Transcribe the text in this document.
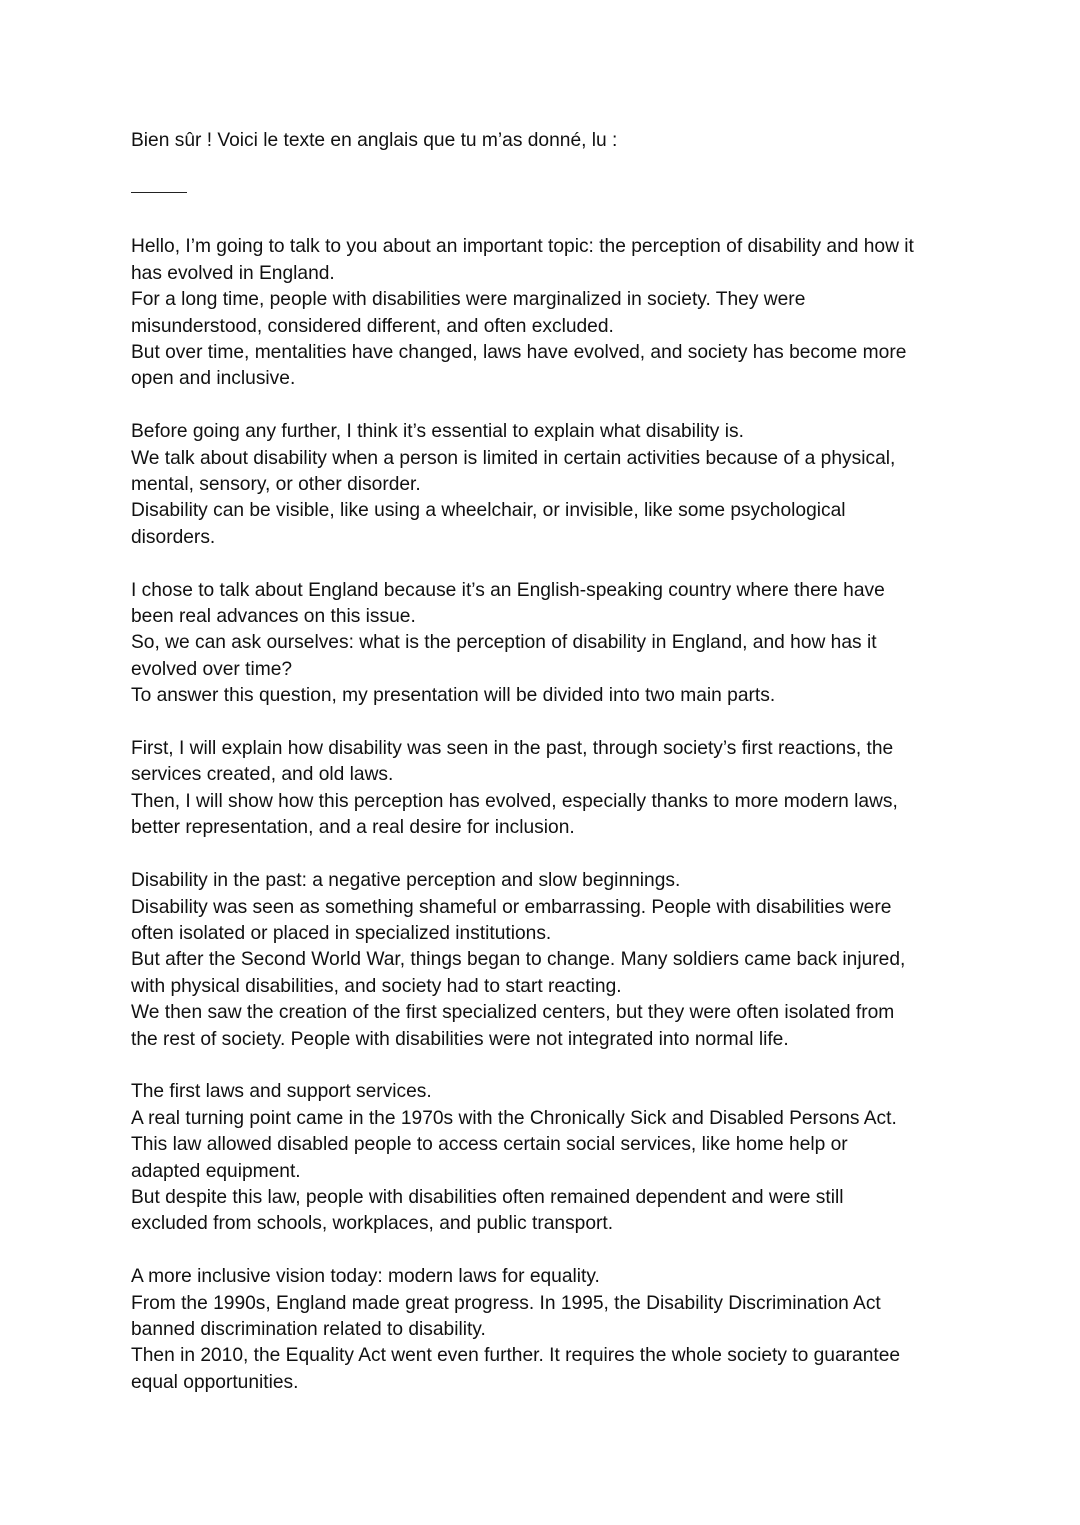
Bien sûr ! Voici le texte en anglais que tu m’as donné, lu :

Hello, I’m going to talk to you about an important topic: the perception of disability and how it
has evolved in England.
For a long time, people with disabilities were marginalized in society. They were
misunderstood, considered different, and often excluded.
But over time, mentalities have changed, laws have evolved, and society has become more
open and inclusive.

Before going any further, I think it’s essential to explain what disability is.
We talk about disability when a person is limited in certain activities because of a physical,
mental, sensory, or other disorder.
Disability can be visible, like using a wheelchair, or invisible, like some psychological
disorders.

I chose to talk about England because it’s an English-speaking country where there have
been real advances on this issue.
So, we can ask ourselves: what is the perception of disability in England, and how has it
evolved over time?
To answer this question, my presentation will be divided into two main parts.

First, I will explain how disability was seen in the past, through society’s first reactions, the
services created, and old laws.
Then, I will show how this perception has evolved, especially thanks to more modern laws,
better representation, and a real desire for inclusion.

Disability in the past: a negative perception and slow beginnings.
Disability was seen as something shameful or embarrassing. People with disabilities were
often isolated or placed in specialized institutions.
But after the Second World War, things began to change. Many soldiers came back injured,
with physical disabilities, and society had to start reacting.
We then saw the creation of the first specialized centers, but they were often isolated from
the rest of society. People with disabilities were not integrated into normal life.

The first laws and support services.
A real turning point came in the 1970s with the Chronically Sick and Disabled Persons Act.
This law allowed disabled people to access certain social services, like home help or
adapted equipment.
But despite this law, people with disabilities often remained dependent and were still
excluded from schools, workplaces, and public transport.

A more inclusive vision today: modern laws for equality.
From the 1990s, England made great progress. In 1995, the Disability Discrimination Act
banned discrimination related to disability.
Then in 2010, the Equality Act went even further. It requires the whole society to guarantee
equal opportunities.
